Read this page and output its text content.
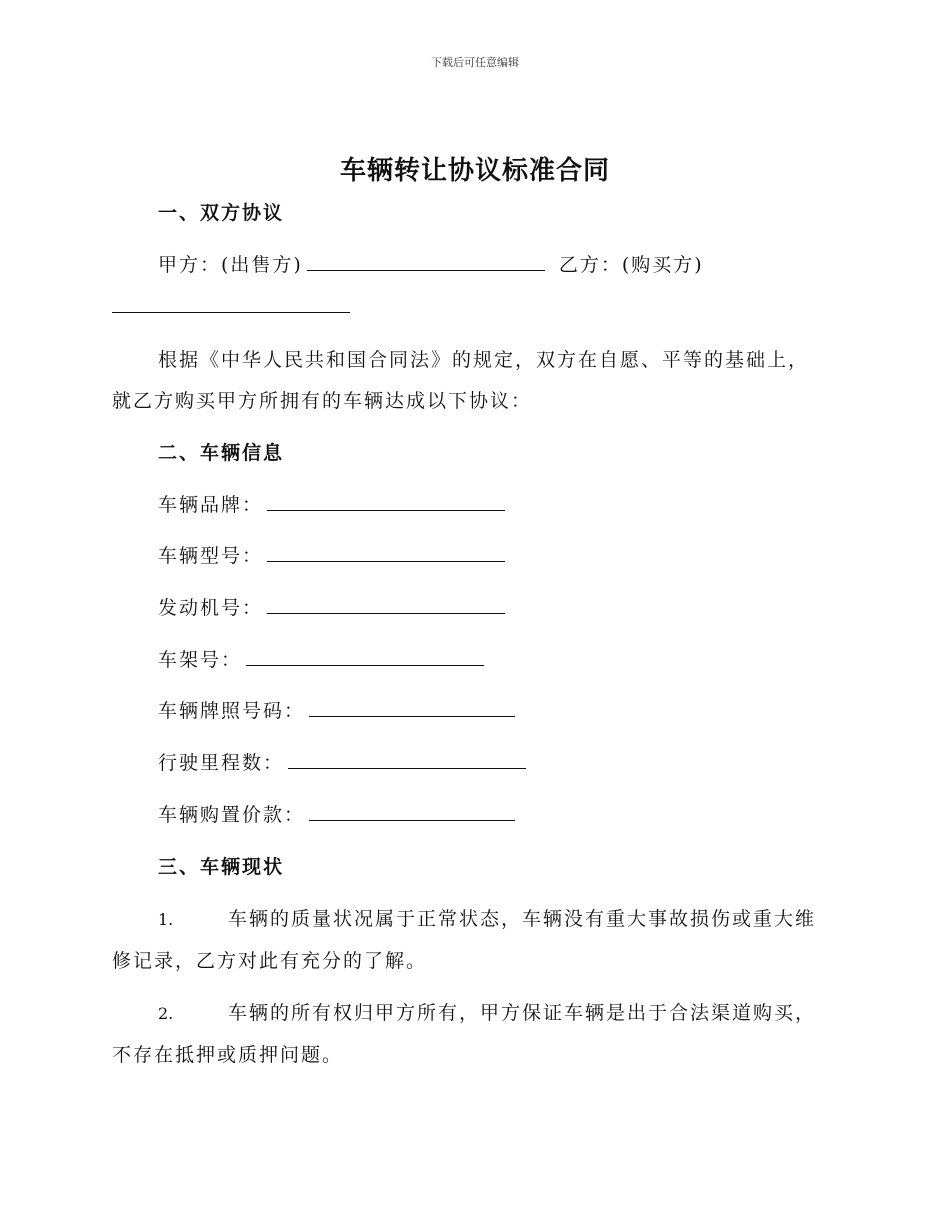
下载后可任意编辑
车辆转让协议标准合同
一、双方协议
甲方：(出售方)	乙方：(购买方)
根据《中华人民共和国合同法》的规定，双方在自愿、平等的基础上，
就乙方购买甲方所拥有的车辆达成以下协议：
二、车辆信息
车辆品牌：
车辆型号：
发动机号：
车架号：
车辆牌照号码：
行驶里程数：
车辆购置价款：
三、车辆现状
1.	车辆的质量状况属于正常状态，车辆没有重大事故损伤或重大维
修记录，乙方对此有充分的了解。
2.	车辆的所有权归甲方所有，甲方保证车辆是出于合法渠道购买，
不存在抵押或质押问题。
